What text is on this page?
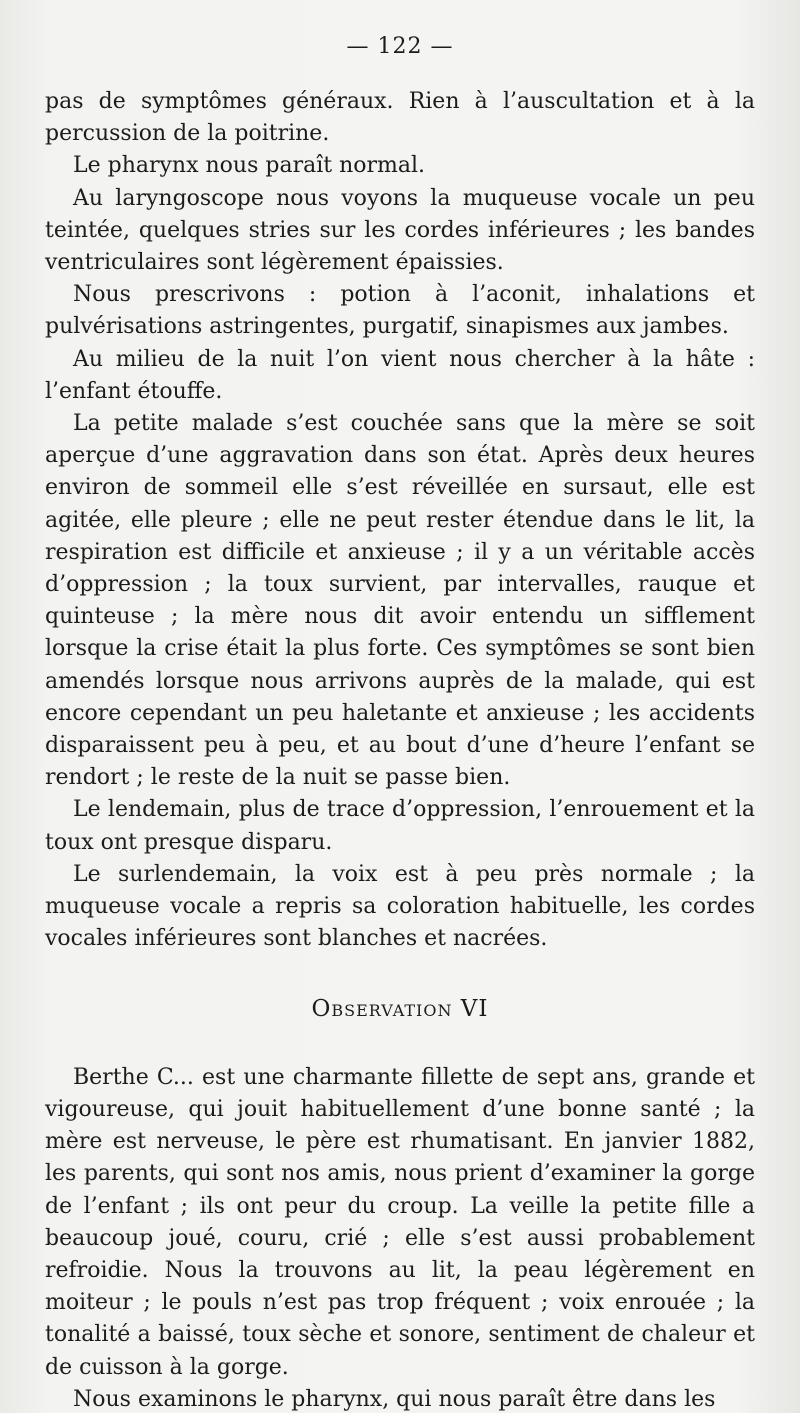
— 122 —

pas de symptômes généraux. Rien à l’auscultation et à la percussion de la poitrine.

Le pharynx nous paraît normal.

Au laryngoscope nous voyons la muqueuse vocale un peu teintée, quelques stries sur les cordes inférieures ; les bandes ventriculaires sont légèrement épaissies.

Nous prescrivons : potion à l’aconit, inhalations et pulvérisations astringentes, purgatif, sinapismes aux jambes.

Au milieu de la nuit l’on vient nous chercher à la hâte : l’enfant étouffe.

La petite malade s’est couchée sans que la mère se soit aperçue d’une aggravation dans son état. Après deux heures environ de sommeil elle s’est réveillée en sursaut, elle est agitée, elle pleure ; elle ne peut rester étendue dans le lit, la respiration est difficile et anxieuse ; il y a un véritable accès d’oppression ; la toux survient, par intervalles, rauque et quinteuse ; la mère nous dit avoir entendu un sifflement lorsque la crise était la plus forte. Ces symptômes se sont bien amendés lorsque nous arrivons auprès de la malade, qui est encore cependant un peu haletante et anxieuse ; les accidents disparaissent peu à peu, et au bout d’une d’heure l’enfant se rendort ; le reste de la nuit se passe bien.

Le lendemain, plus de trace d’oppression, l’enrouement et la toux ont presque disparu.

Le surlendemain, la voix est à peu près normale ; la muqueuse vocale a repris sa coloration habituelle, les cordes vocales inférieures sont blanches et nacrées.

Observation VI

Berthe C... est une charmante fillette de sept ans, grande et vigoureuse, qui jouit habituellement d’une bonne santé ; la mère est nerveuse, le père est rhumatisant. En janvier 1882, les parents, qui sont nos amis, nous prient d’examiner la gorge de l’enfant ; ils ont peur du croup. La veille la petite fille a beaucoup joué, couru, crié ; elle s’est aussi probablement refroidie. Nous la trouvons au lit, la peau légèrement en moiteur ; le pouls n’est pas trop fréquent ; voix enrouée ; la tonalité a baissé, toux sèche et sonore, sentiment de chaleur et de cuisson à la gorge.

Nous examinons le pharynx, qui nous paraît être dans les
